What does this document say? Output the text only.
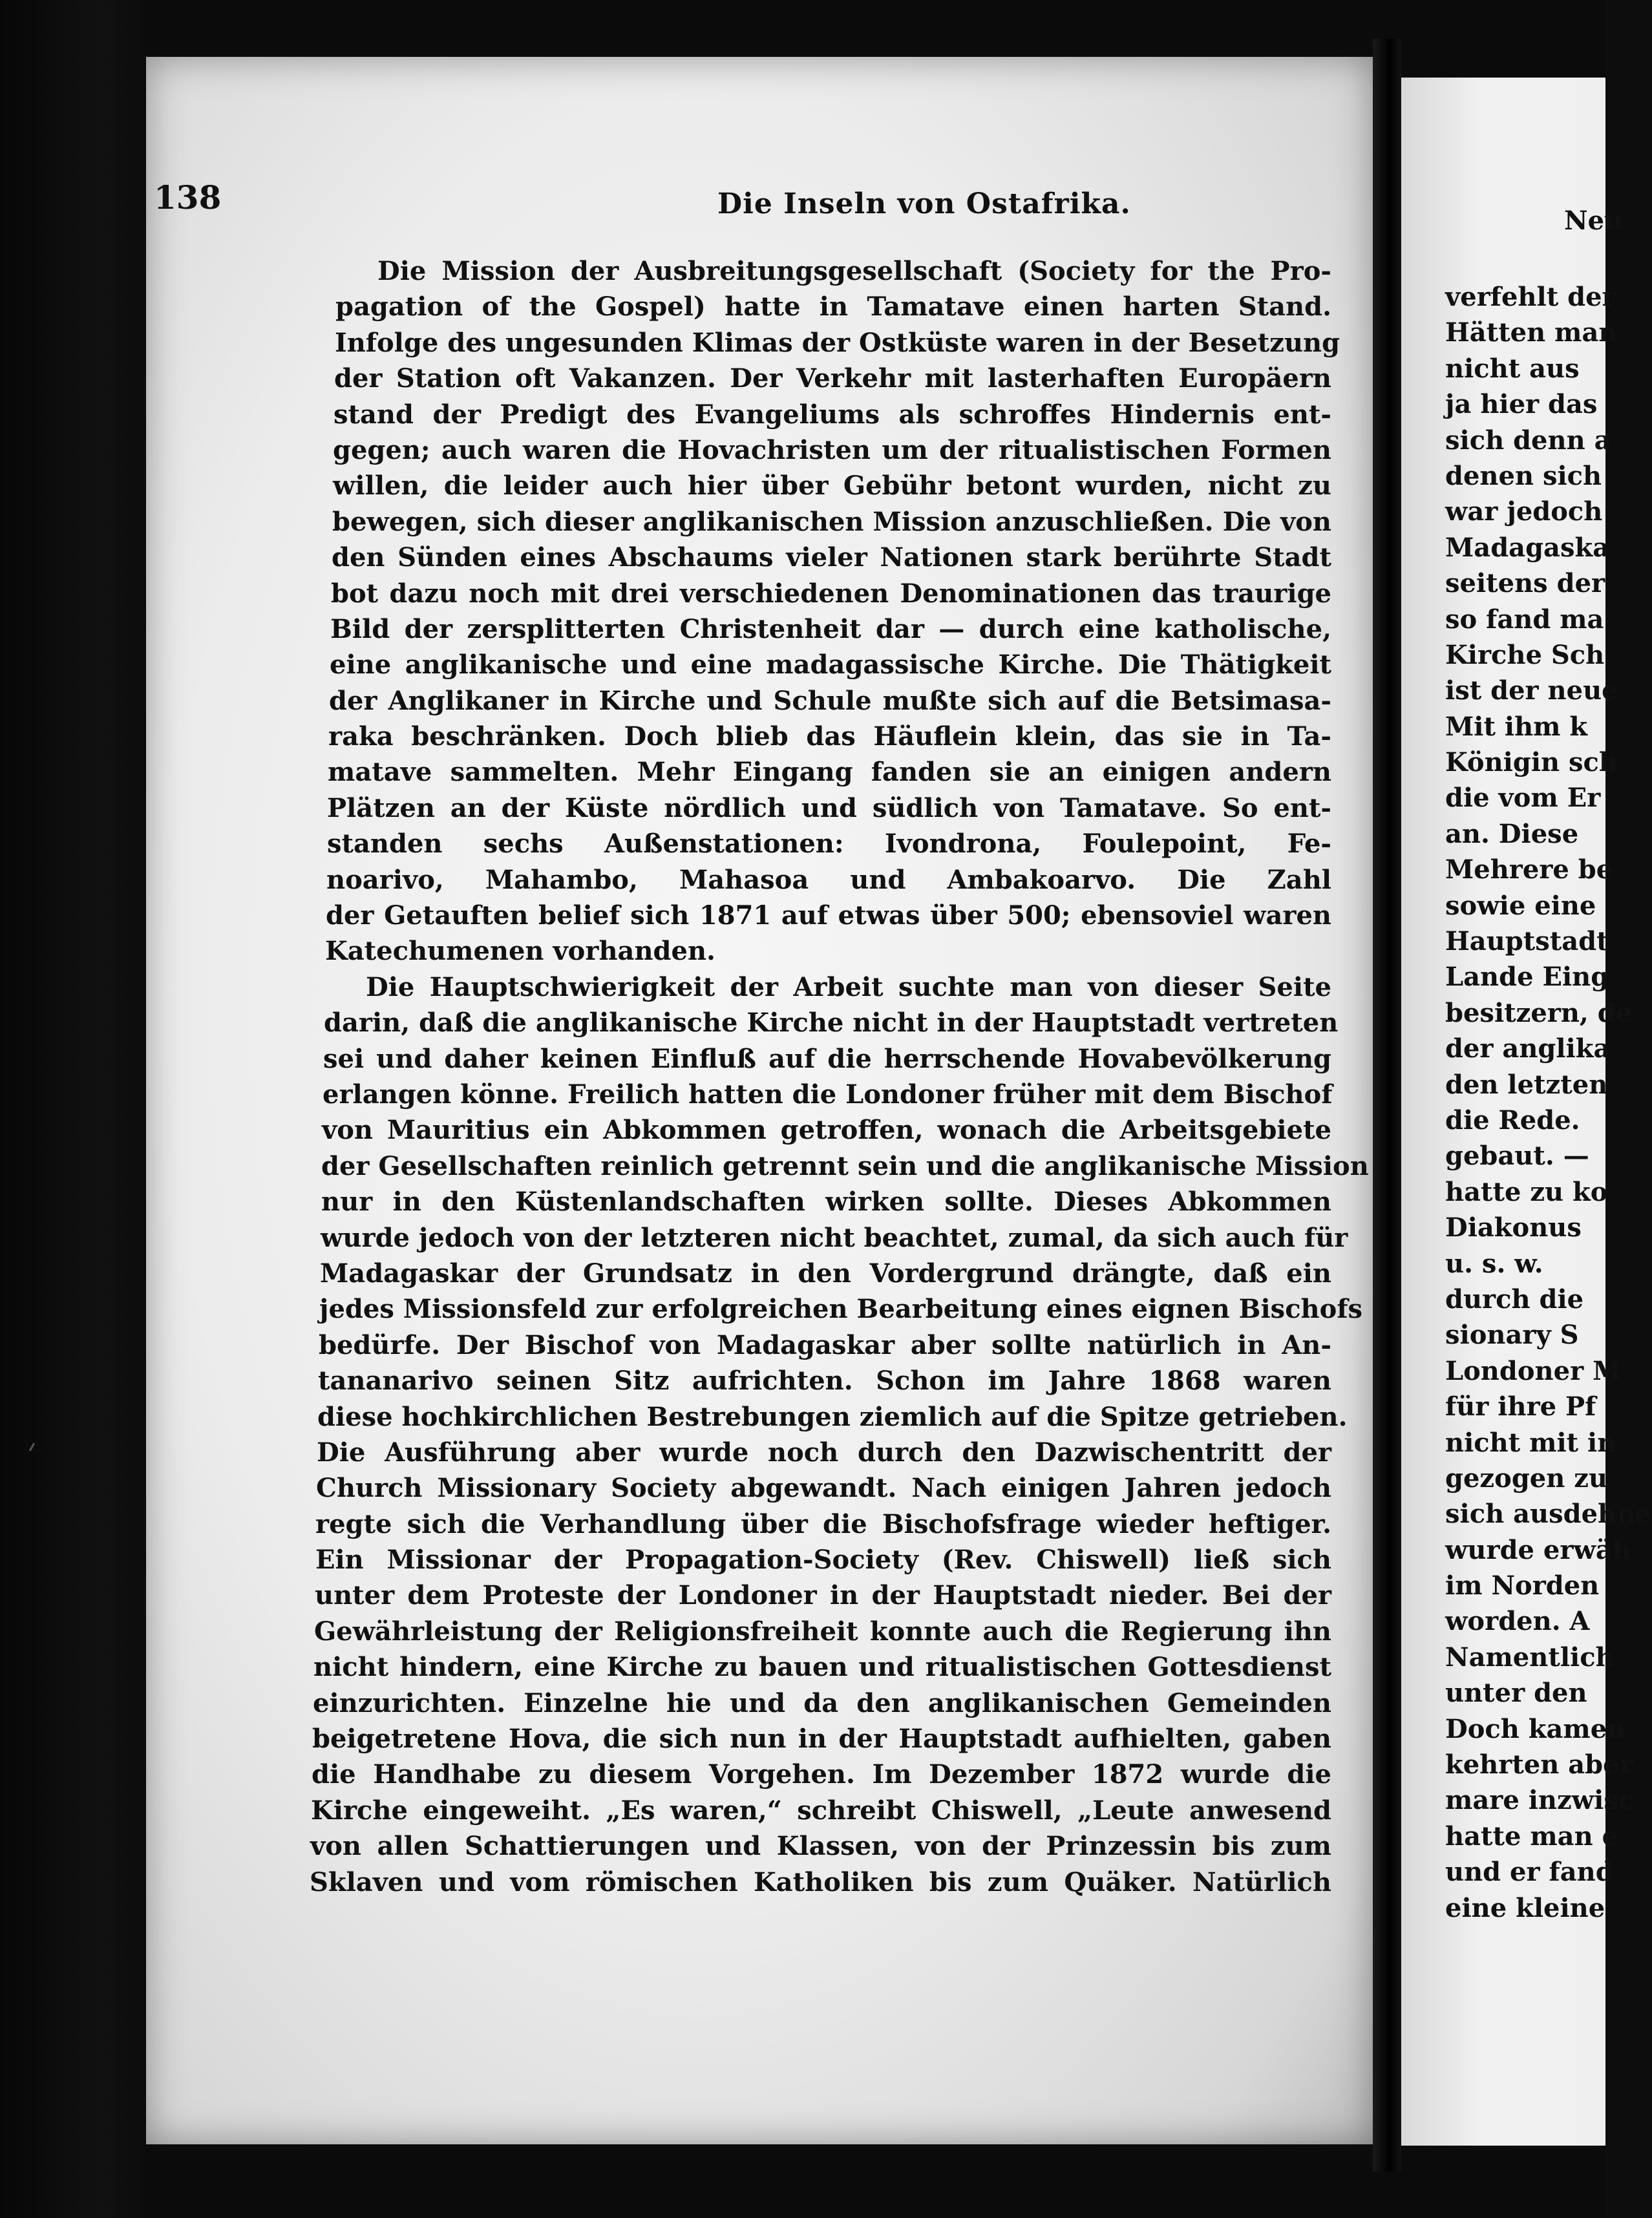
138	Die Inseln von Ostafrika.
Die Mission der Ausbreitungsgesellschaft (Society for the Pro-
pagation of the Gospel) hatte in Tamatave einen harten Stand.
Infolge des ungesunden Klimas der Ostküste waren in der Besetzung
der Station oft Vakanzen. Der Verkehr mit lasterhaften Europäern
stand der Predigt des Evangeliums als schroffes Hindernis ent-
gegen; auch waren die Hovachristen um der ritualistischen Formen
willen, die leider auch hier über Gebühr betont wurden, nicht zu
bewegen, sich dieser anglikanischen Mission anzuschließen. Die von
den Sünden eines Abschaums vieler Nationen stark berührte Stadt
bot dazu noch mit drei verschiedenen Denominationen das traurige
Bild der zersplitterten Christenheit dar — durch eine katholische,
eine anglikanische und eine madagassische Kirche. Die Thätigkeit
der Anglikaner in Kirche und Schule mußte sich auf die Betsimasa-
raka beschränken. Doch blieb das Häuflein klein, das sie in Ta-
matave sammelten. Mehr Eingang fanden sie an einigen andern
Plätzen an der Küste nördlich und südlich von Tamatave. So ent-
standen sechs Außenstationen: Ivondrona, Foulepoint, Fe-
noarivo, Mahambo, Mahasoa und Ambakoarvo. Die Zahl
der Getauften belief sich 1871 auf etwas über 500; ebensoviel waren
Katechumenen vorhanden.
Die Hauptschwierigkeit der Arbeit suchte man von dieser Seite
darin, daß die anglikanische Kirche nicht in der Hauptstadt vertreten
sei und daher keinen Einfluß auf die herrschende Hovabevölkerung
erlangen könne. Freilich hatten die Londoner früher mit dem Bischof
von Mauritius ein Abkommen getroffen, wonach die Arbeitsgebiete
der Gesellschaften reinlich getrennt sein und die anglikanische Mission
nur in den Küstenlandschaften wirken sollte. Dieses Abkommen
wurde jedoch von der letzteren nicht beachtet, zumal, da sich auch für
Madagaskar der Grundsatz in den Vordergrund drängte, daß ein
jedes Missionsfeld zur erfolgreichen Bearbeitung eines eignen Bischofs
bedürfe. Der Bischof von Madagaskar aber sollte natürlich in An-
tananarivo seinen Sitz aufrichten. Schon im Jahre 1868 waren
diese hochkirchlichen Bestrebungen ziemlich auf die Spitze getrieben.
Die Ausführung aber wurde noch durch den Dazwischentritt der
Church Missionary Society abgewandt. Nach einigen Jahren jedoch
regte sich die Verhandlung über die Bischofsfrage wieder heftiger.
Ein Missionar der Propagation-Society (Rev. Chiswell) ließ sich
unter dem Proteste der Londoner in der Hauptstadt nieder. Bei der
Gewährleistung der Religionsfreiheit konnte auch die Regierung ihn
nicht hindern, eine Kirche zu bauen und ritualistischen Gottesdienst
einzurichten. Einzelne hie und da den anglikanischen Gemeinden
beigetretene Hova, die sich nun in der Hauptstadt aufhielten, gaben
die Handhabe zu diesem Vorgehen. Im Dezember 1872 wurde die
Kirche eingeweiht. „Es waren,“ schreibt Chiswell, „Leute anwesend
von allen Schattierungen und Klassen, von der Prinzessin bis zum
Sklaven und vom römischen Katholiken bis zum Quäker. Natürlich
Neu
verfehlt der
Hätten man
nicht aus
ja hier das
sich denn a
denen sich
war jedoch
Madagaska
seitens der
so fand ma
Kirche Sch
ist der neue
Mit ihm k
Königin sch
die vom Er
an. Diese
Mehrere be
sowie eine
Hauptstadt
Lande Eing
besitzern, de
der anglika
den letzten
die Rede.
gebaut. —
hatte zu ko
Diakonus
u. s. w.
durch die
sionary S
Londoner M
für ihre Pf
nicht mit in
gezogen zu
sich ausdehne
wurde erwäh
im Norden
worden. A
Namentlich
unter den
Doch kamen
kehrten aber
mare inzwisc
hatte man e
und er fand
eine kleine
